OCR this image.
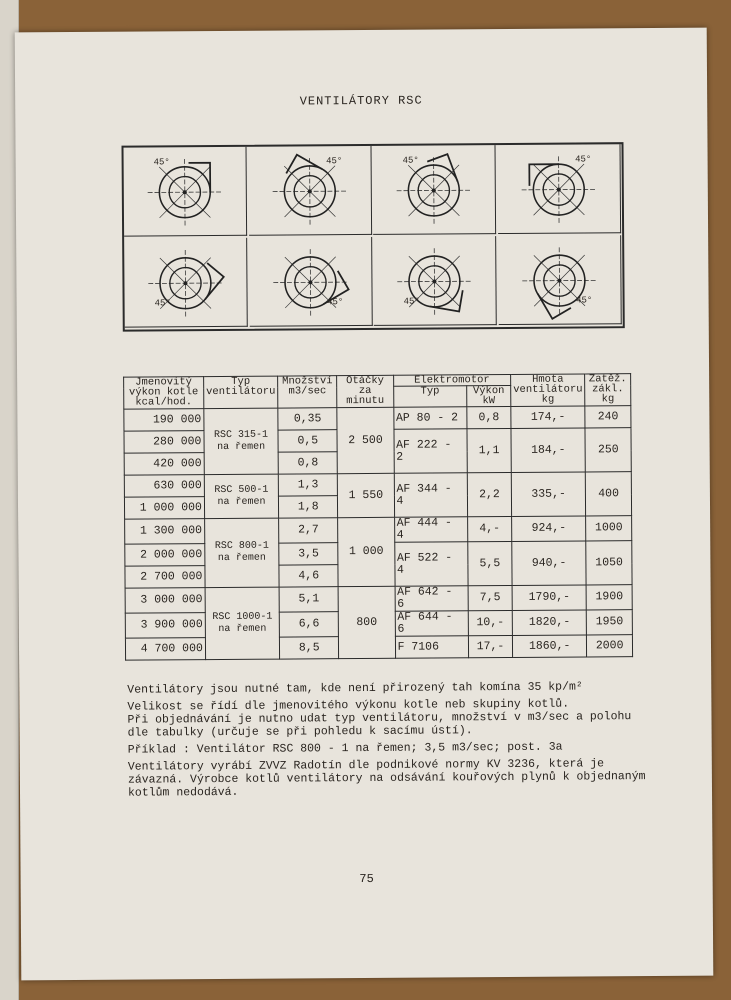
VENTILÁTORY RSC
45°	45°	45°	45°
45°	45°	45°	45°
Jmenovitý výkon kotle kcal/hod.	Typ ventilátoru	Množství m3/sec	Otáčky za minutu	Elektromotor		Hmota ventilátoru kg	Zatěž. zákl. kg
				Typ	Výkon kW		
190 000	RSC 315-1 na řemen	0,35	2 500	AP 80 - 2	0,8	174,-	240
280 000		0,5		AF 222 - 2	1,1	184,-	250
420 000		0,8					
630 000	RSC 500-1 na řemen	1,3	1 550	AF 344 - 4	2,2	335,-	400
1 000 000		1,8					
1 300 000	RSC 800-1 na řemen	2,7	1 000	AF 444 - 4	4,-	924,-	1000
2 000 000		3,5		AF 522 - 4	5,5	940,-	1050
2 700 000		4,6					
3 000 000	RSC 1000-1 na řemen	5,1	800	AF 642 - 6	7,5	1790,-	1900
3 900 000		6,6		AF 644 - 6	10,-	1820,-	1950
4 700 000		8,5		F 7106	17,-	1860,-	2000

Ventilátory jsou nutné tam, kde není přirozený tah komína 35 kp/m²

Velikost se řídí dle jmenovitého výkonu kotle neb skupiny kotlů.

Při objednávání je nutno udat typ ventilátoru, množství v m3/sec a polohu dle tabulky (určuje se při pohledu k sacímu ústí).

Příklad : Ventilátor RSC 800 - 1 na řemen; 3,5 m3/sec; post. 3a

Ventilátory vyrábí ZVVZ Radotín dle podnikové normy KV 3236, která je závazná. Výrobce kotlů ventilátory na odsávání kouřových plynů k objednaným kotlům nedodává.

75
